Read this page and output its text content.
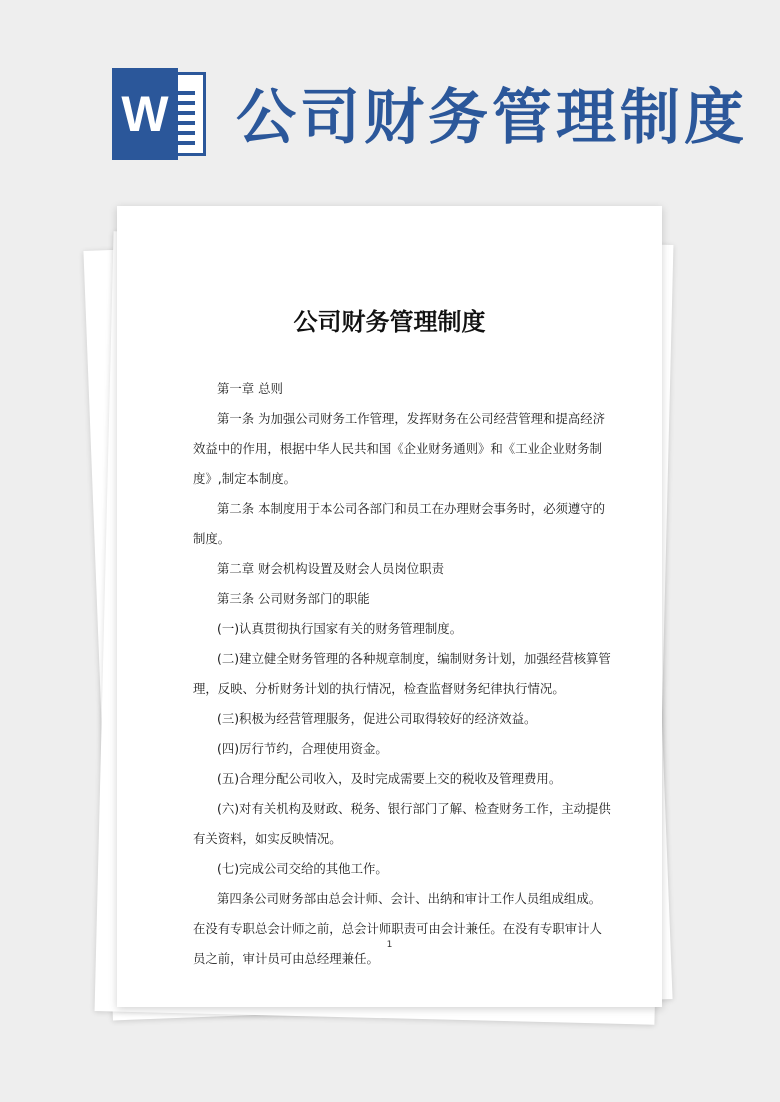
W 公司财务管理制度
公司财务管理制度

第一章 总则

第一条 为加强公司财务工作管理，发挥财务在公司经营管理和提高经济效益中的作用，根据中华人民共和国《企业财务通则》和《工业企业财务制度》,制定本制度。

第二条 本制度用于本公司各部门和员工在办理财会事务时，必须遵守的制度。

第二章 财会机构设置及财会人员岗位职责

第三条 公司财务部门的职能

(一)认真贯彻执行国家有关的财务管理制度。

(二)建立健全财务管理的各种规章制度，编制财务计划，加强经营核算管理，反映、分析财务计划的执行情况，检查监督财务纪律执行情况。

(三)积极为经营管理服务，促进公司取得较好的经济效益。

(四)厉行节约，合理使用资金。

(五)合理分配公司收入，及时完成需要上交的税收及管理费用。

(六)对有关机构及财政、税务、银行部门了解、检查财务工作，主动提供有关资料，如实反映情况。

(七)完成公司交给的其他工作。

第四条公司财务部由总会计师、会计、出纳和审计工作人员组成组成。在没有专职总会计师之前，总会计师职责可由会计兼任。在没有专职审计人员之前，审计员可由总经理兼任。

1
